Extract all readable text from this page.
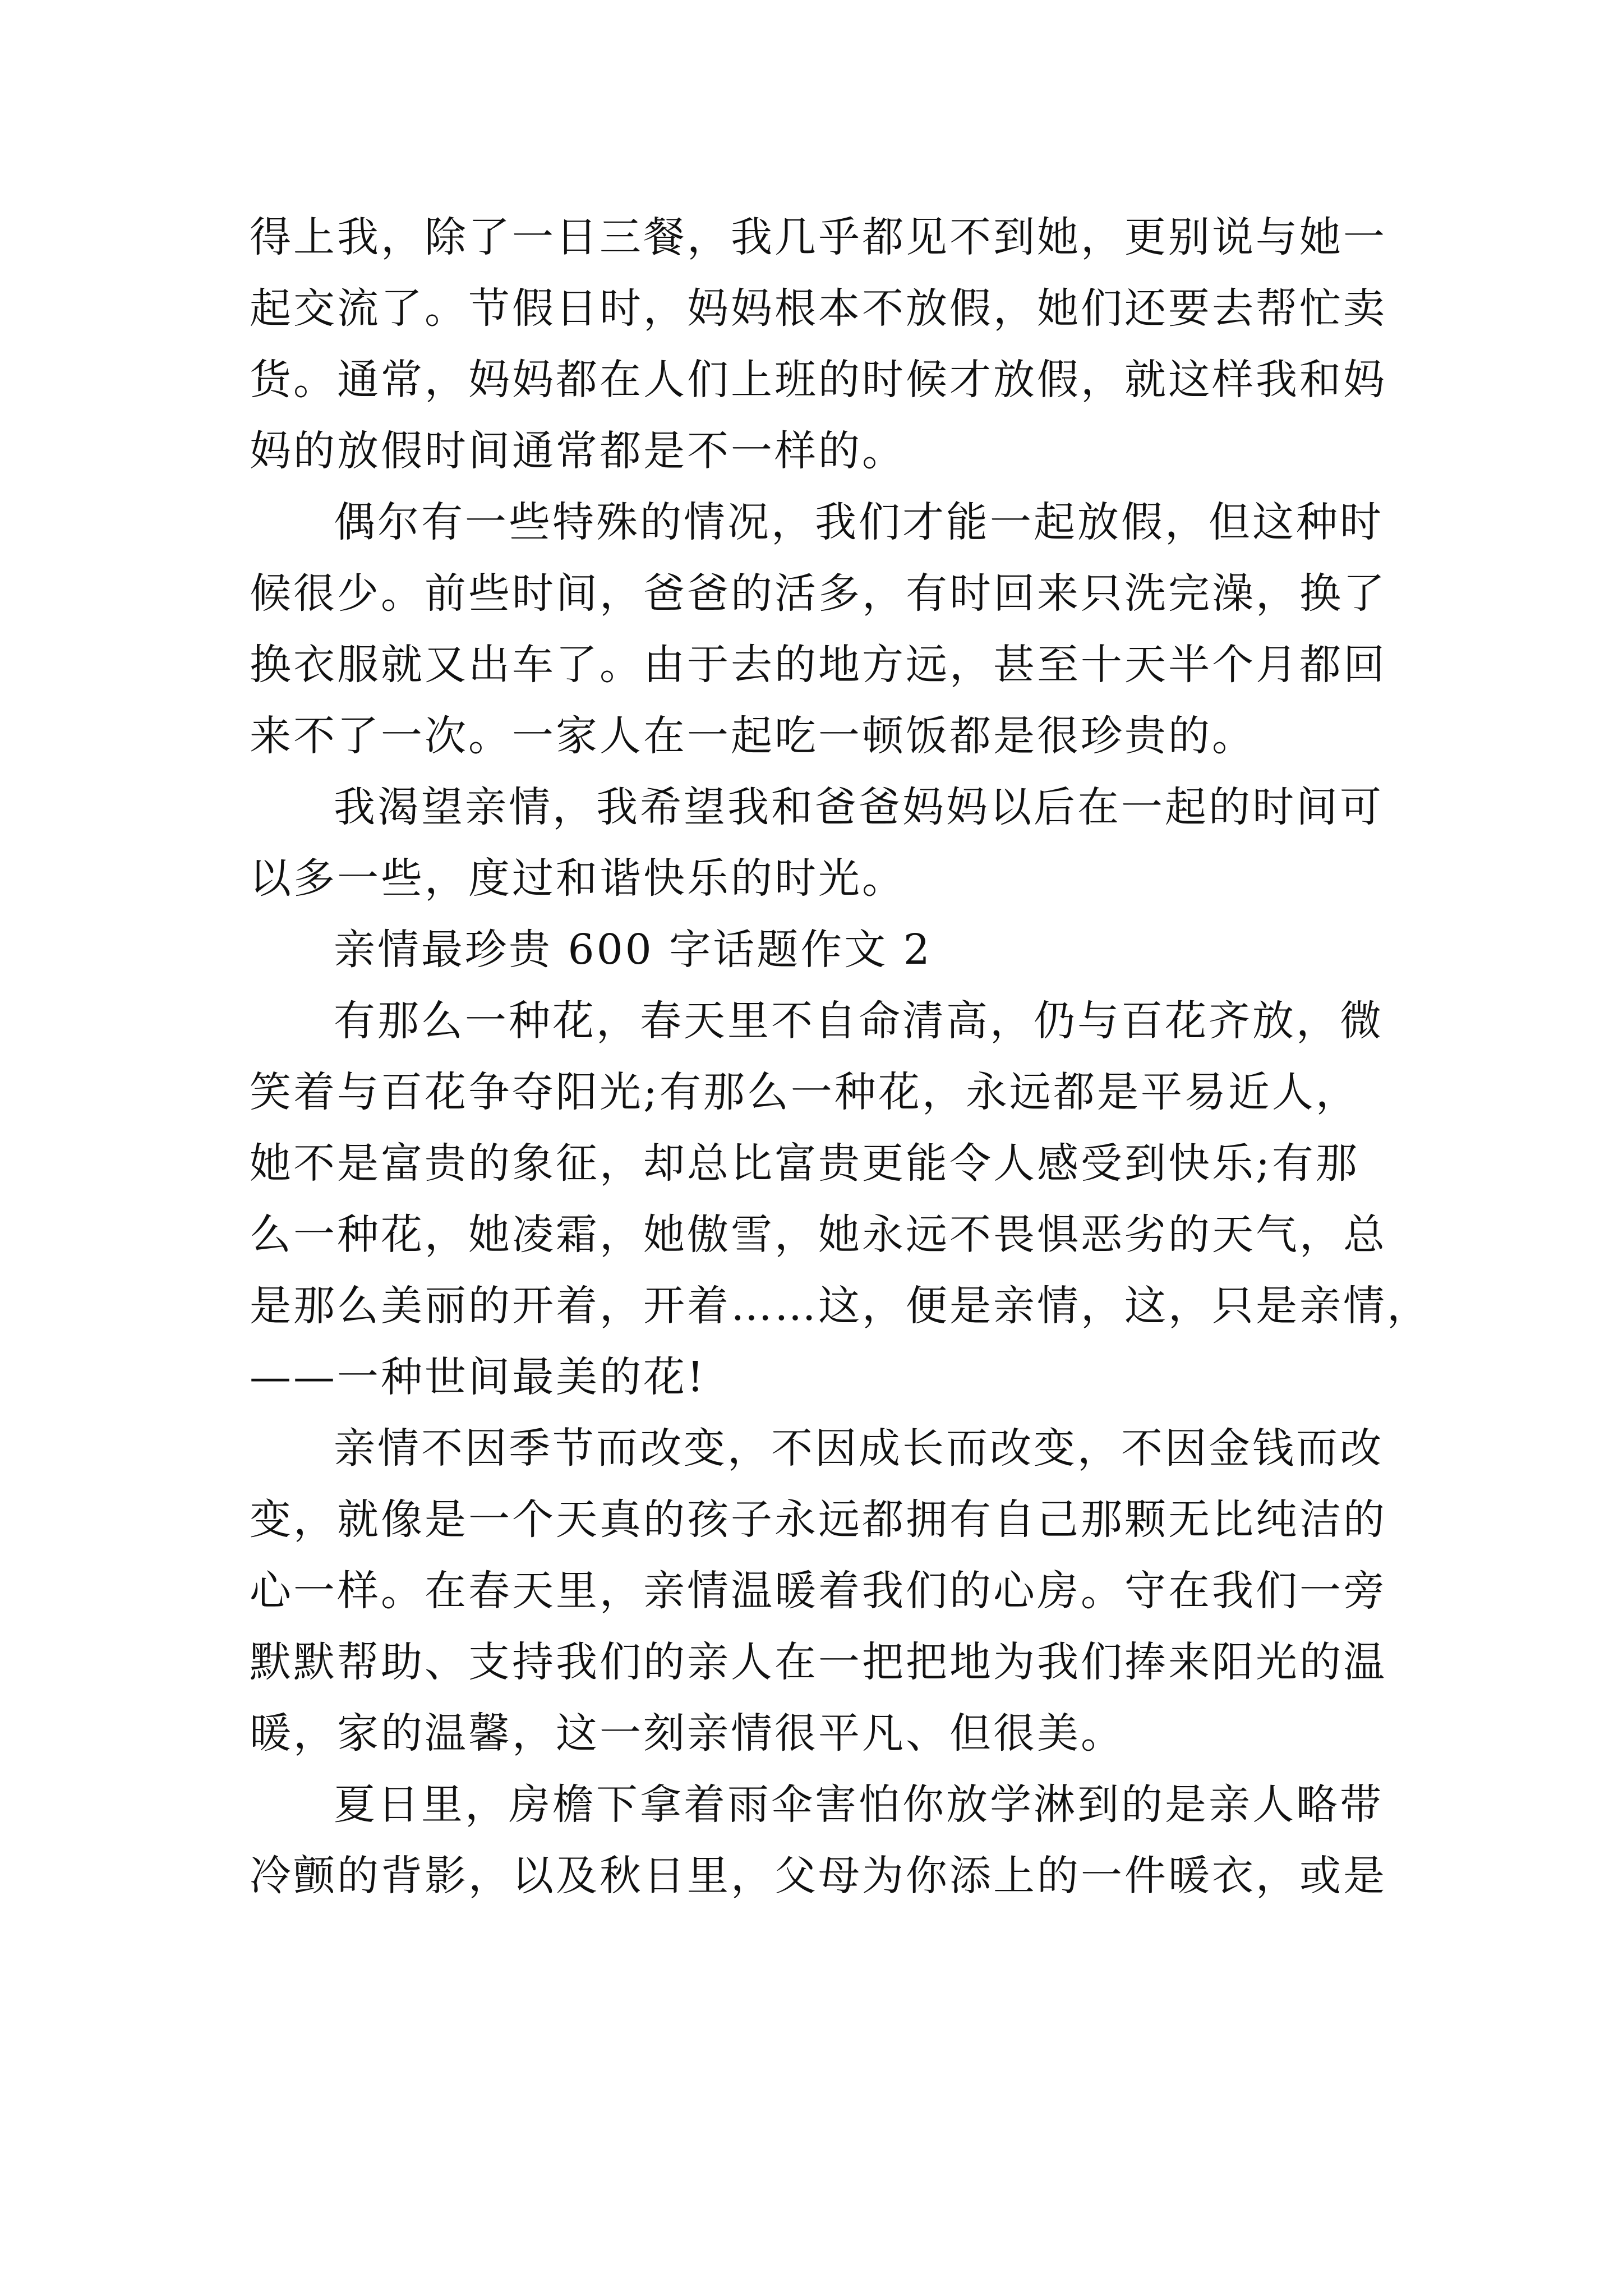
得上我，除了一日三餐，我几乎都见不到她，更别说与她一
起交流了。节假日时，妈妈根本不放假，她们还要去帮忙卖
货。通常，妈妈都在人们上班的时候才放假，就这样我和妈
妈的放假时间通常都是不一样的。
偶尔有一些特殊的情况，我们才能一起放假，但这种时
候很少。前些时间，爸爸的活多，有时回来只洗完澡，换了
换衣服就又出车了。由于去的地方远，甚至十天半个月都回
来不了一次。一家人在一起吃一顿饭都是很珍贵的。
我渴望亲情，我希望我和爸爸妈妈以后在一起的时间可
以多一些，度过和谐快乐的时光。
亲情最珍贵 600 字话题作文 2
有那么一种花，春天里不自命清高，仍与百花齐放，微
笑着与百花争夺阳光;有那么一种花，永远都是平易近人，
她不是富贵的象征，却总比富贵更能令人感受到快乐;有那
么一种花，她凌霜，她傲雪，她永远不畏惧恶劣的天气，总
是那么美丽的开着，开着……这，便是亲情，这，只是亲情，
——一种世间最美的花!
亲情不因季节而改变，不因成长而改变，不因金钱而改
变，就像是一个天真的孩子永远都拥有自己那颗无比纯洁的
心一样。在春天里，亲情温暖着我们的心房。守在我们一旁
默默帮助、支持我们的亲人在一把把地为我们捧来阳光的温
暖，家的温馨，这一刻亲情很平凡、但很美。
夏日里，房檐下拿着雨伞害怕你放学淋到的是亲人略带
冷颤的背影，以及秋日里，父母为你添上的一件暖衣，或是
